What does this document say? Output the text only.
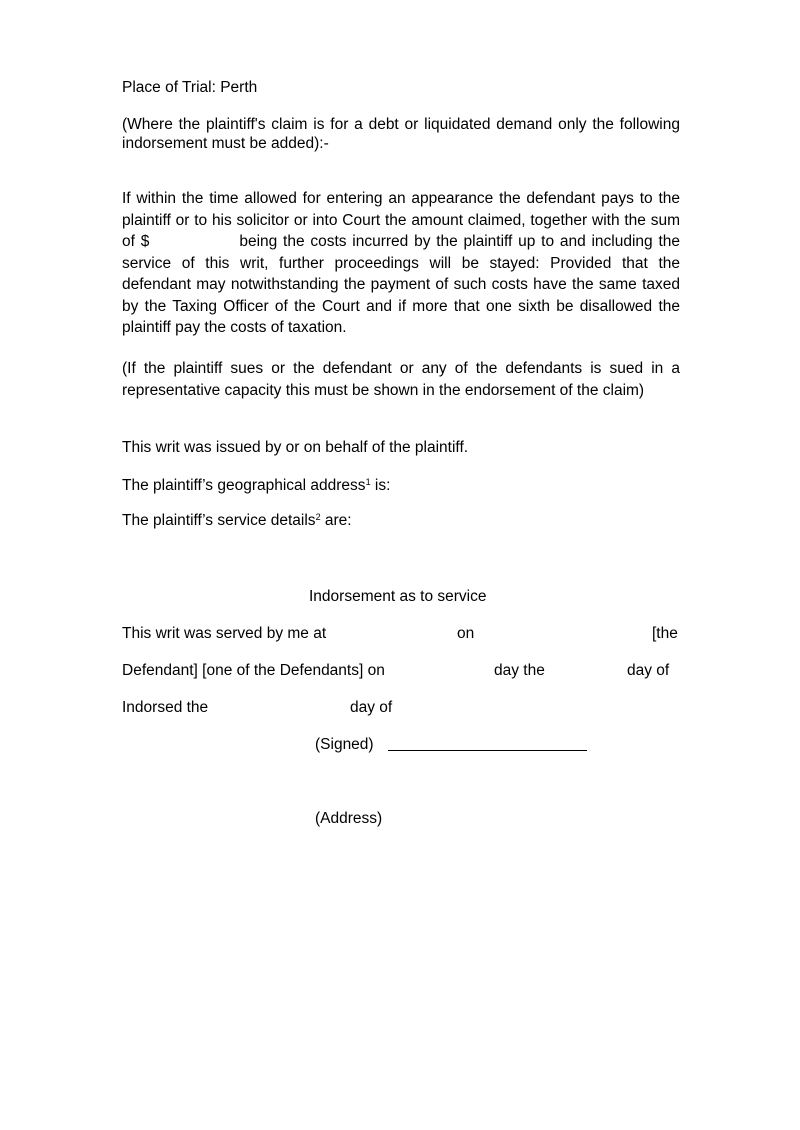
Place of Trial: Perth

(Where the plaintiff's claim is for a debt or liquidated demand only the following indorsement must be added):-

If within the time allowed for entering an appearance the defendant pays to the plaintiff or to his solicitor or into Court the amount claimed, together with the sum of $	being the costs incurred by the plaintiff up to and including the service of this writ, further proceedings will be stayed: Provided that the defendant may notwithstanding the payment of such costs have the same taxed by the Taxing Officer of the Court and if more that one sixth be disallowed the plaintiff pay the costs of taxation.

(If the plaintiff sues or the defendant or any of the defendants is sued in a representative capacity this must be shown in the endorsement of the claim)

This writ was issued by or on behalf of the plaintiff.
The plaintiff’s geographical address$^1$ is:
The plaintiff’s service details$^2$ are:
Indorsement as to service
This writ was served by me at	on	[the
Defendant] [one of the Defendants] on	day the	day of
Indorsed the	day of
(Signed)
(Address)
